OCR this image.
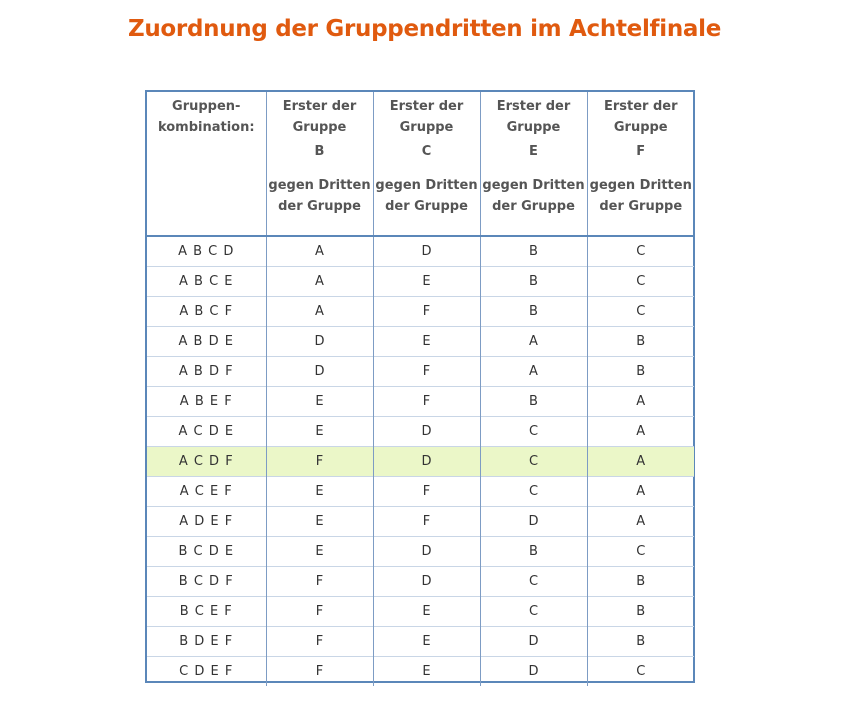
Zuordnung der Gruppendritten im Achtelfinale
Gruppen-
kombination:	Erster der
Gruppe
B
gegen Dritten
der Gruppe	Erster der
Gruppe
C
gegen Dritten
der Gruppe	Erster der
Gruppe
E
gegen Dritten
der Gruppe	Erster der
Gruppe
F
gegen Dritten
der Gruppe

A B C D	A	D	B	C
A B C E	A	E	B	C
A B C F	A	F	B	C
A B D E	D	E	A	B
A B D F	D	F	A	B
A B E F	E	F	B	A
A C D E	E	D	C	A
A C D F	F	D	C	A
A C E F	E	F	C	A
A D E F	E	F	D	A
B C D E	E	D	B	C
B C D F	F	D	C	B
B C E F	F	E	C	B
B D E F	F	E	D	B
C D E F	F	E	D	C
